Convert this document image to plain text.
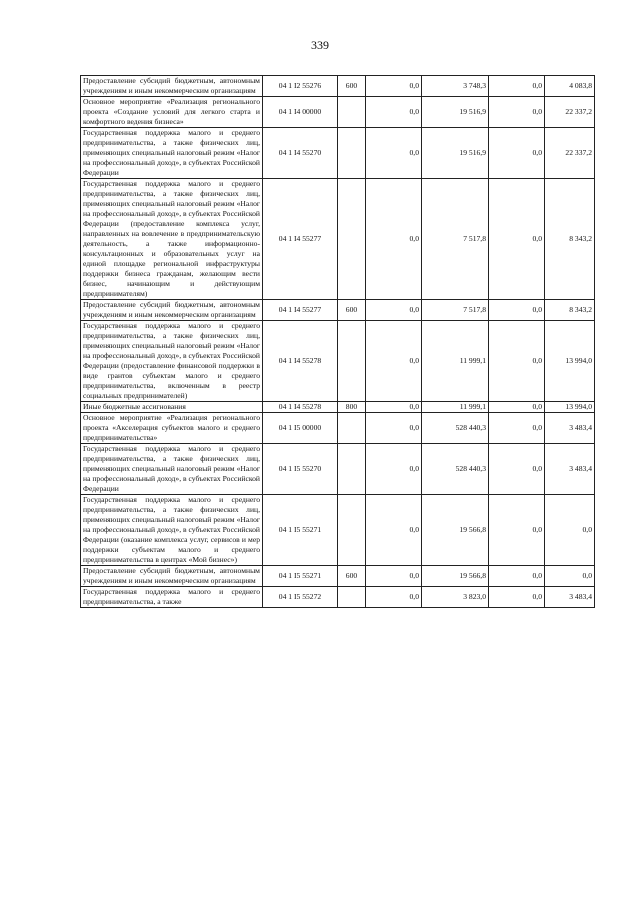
339
Предоставление субсидий бюджетным, автономным учреждениям и иным некоммерческим организациям	04 1 I2 55276	600	0,0	3 748,3	0,0	4 083,8
Основное мероприятие «Реализация регионального проекта «Создание условий для легкого старта и комфортного ведения бизнеса»	04 1 I4 00000		0,0	19 516,9	0,0	22 337,2
Государственная поддержка малого и среднего предпринимательства, а также физических лиц, применяющих специальный налоговый режим «Налог на профессиональный доход», в субъектах Российской Федерации	04 1 I4 55270		0,0	19 516,9	0,0	22 337,2
Государственная поддержка малого и среднего предпринимательства, а также физических лиц, применяющих специальный налоговый режим «Налог на профессиональный доход», в субъектах Российской Федерации (предоставление комплекса услуг, направленных на вовлечение в предпринимательскую деятельность, а также информационно-консультационных и образовательных услуг на единой площадке региональной инфраструктуры поддержки бизнеса гражданам, желающим вести бизнес, начинающим и действующим предпринимателям)	04 1 I4 55277		0,0	7 517,8	0,0	8 343,2
Предоставление субсидий бюджетным, автономным учреждениям и иным некоммерческим организациям	04 1 I4 55277	600	0,0	7 517,8	0,0	8 343,2
Государственная поддержка малого и среднего предпринимательства, а также физических лиц, применяющих специальный налоговый режим «Налог на профессиональный доход», в субъектах Российской Федерации (предоставление финансовой поддержки в виде грантов субъектам малого и среднего предпринимательства, включенным в реестр социальных предпринимателей)	04 1 I4 55278		0,0	11 999,1	0,0	13 994,0
Иные бюджетные ассигнования	04 1 I4 55278	800	0,0	11 999,1	0,0	13 994,0
Основное мероприятие «Реализация регионального проекта «Акселерация субъектов малого и среднего предпринимательства»	04 1 I5 00000		0,0	528 440,3	0,0	3 483,4
Государственная поддержка малого и среднего предпринимательства, а также физических лиц, применяющих специальный налоговый режим «Налог на профессиональный доход», в субъектах Российской Федерации	04 1 I5 55270		0,0	528 440,3	0,0	3 483,4
Государственная поддержка малого и среднего предпринимательства, а также физических лиц, применяющих специальный налоговый режим «Налог на профессиональный доход», в субъектах Российской Федерации (оказание комплекса услуг, сервисов и мер поддержки субъектам малого и среднего предпринимательства в центрах «Мой бизнес»)	04 1 I5 55271		0,0	19 566,8	0,0	0,0
Предоставление субсидий бюджетным, автономным учреждениям и иным некоммерческим организациям	04 1 I5 55271	600	0,0	19 566,8	0,0	0,0
Государственная поддержка малого и среднего предпринимательства, а также	04 1 I5 55272		0,0	3 823,0	0,0	3 483,4
